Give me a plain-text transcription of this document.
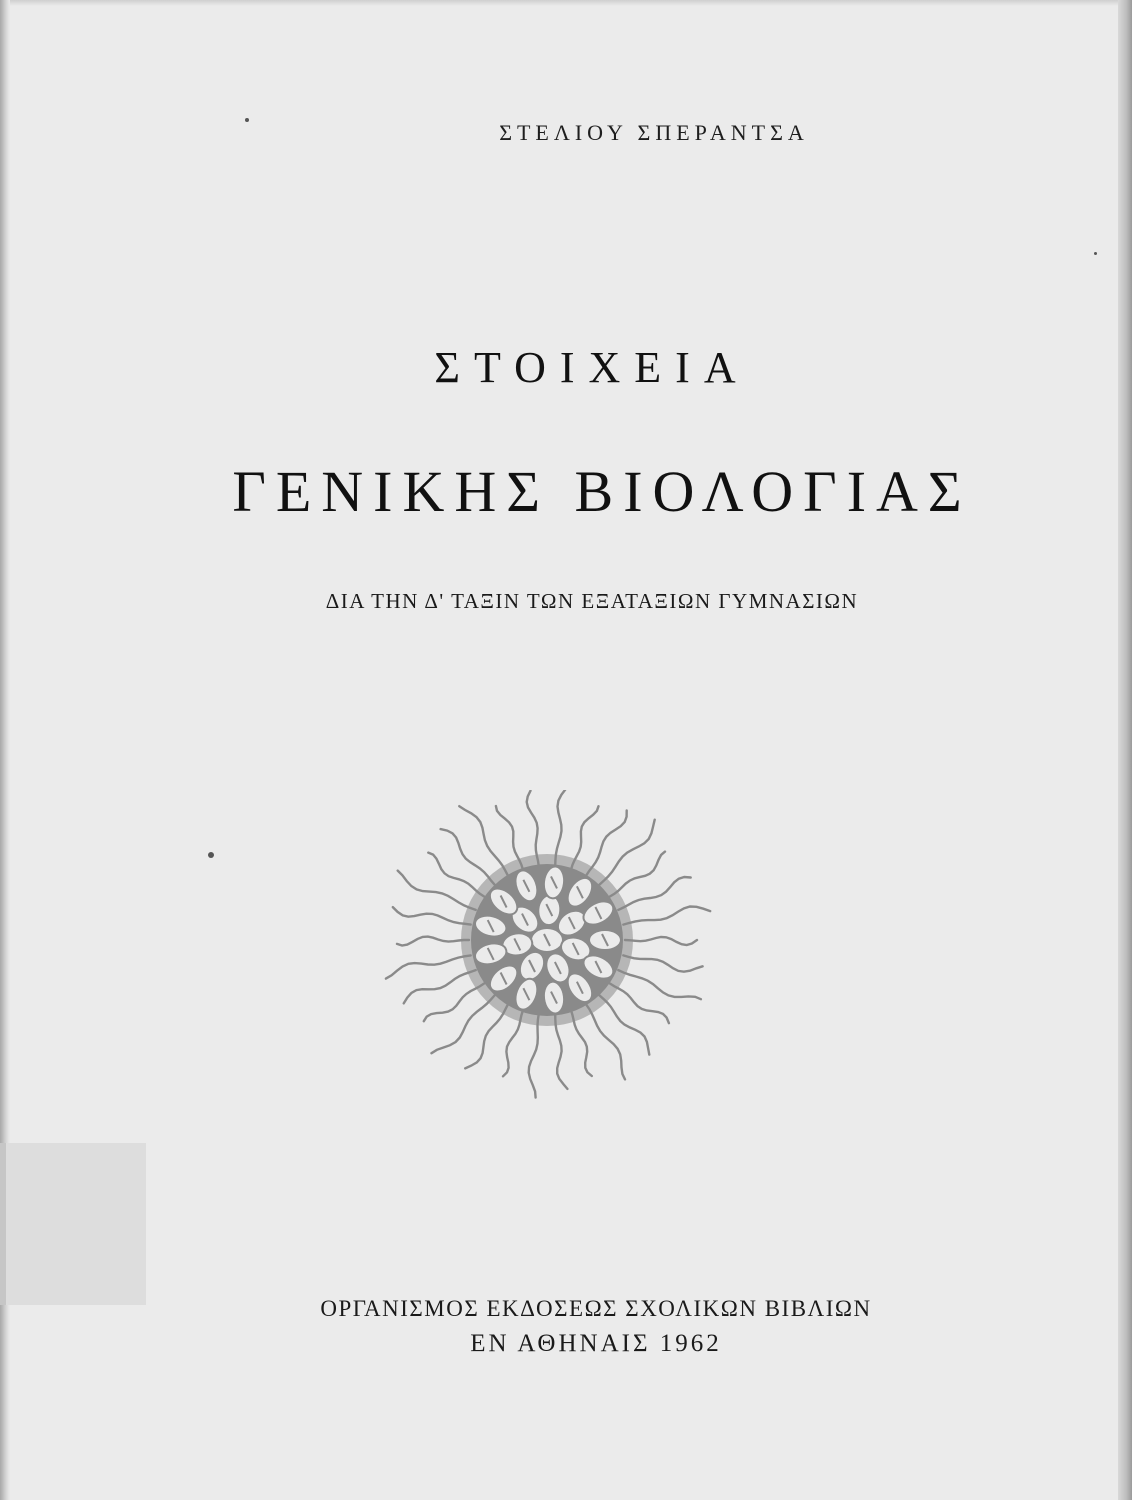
ΣΤΕΛΙΟΥ ΣΠΕΡΑΝΤΣΑ
ΣΤΟΙΧΕΙΑ
ΓΕΝΙΚΗΣ ΒΙΟΛΟΓΙΑΣ
ΔΙΑ ΤΗΝ Δ' ΤΑΞΙΝ ΤΩΝ ΕΞΑΤΑΞΙΩΝ ΓΥΜΝΑΣΙΩΝ
ΟΡΓΑΝΙΣΜΟΣ ΕΚΔΟΣΕΩΣ ΣΧΟΛΙΚΩΝ ΒΙΒΛΙΩΝ
ΕΝ ΑΘΗΝΑΙΣ 1962
